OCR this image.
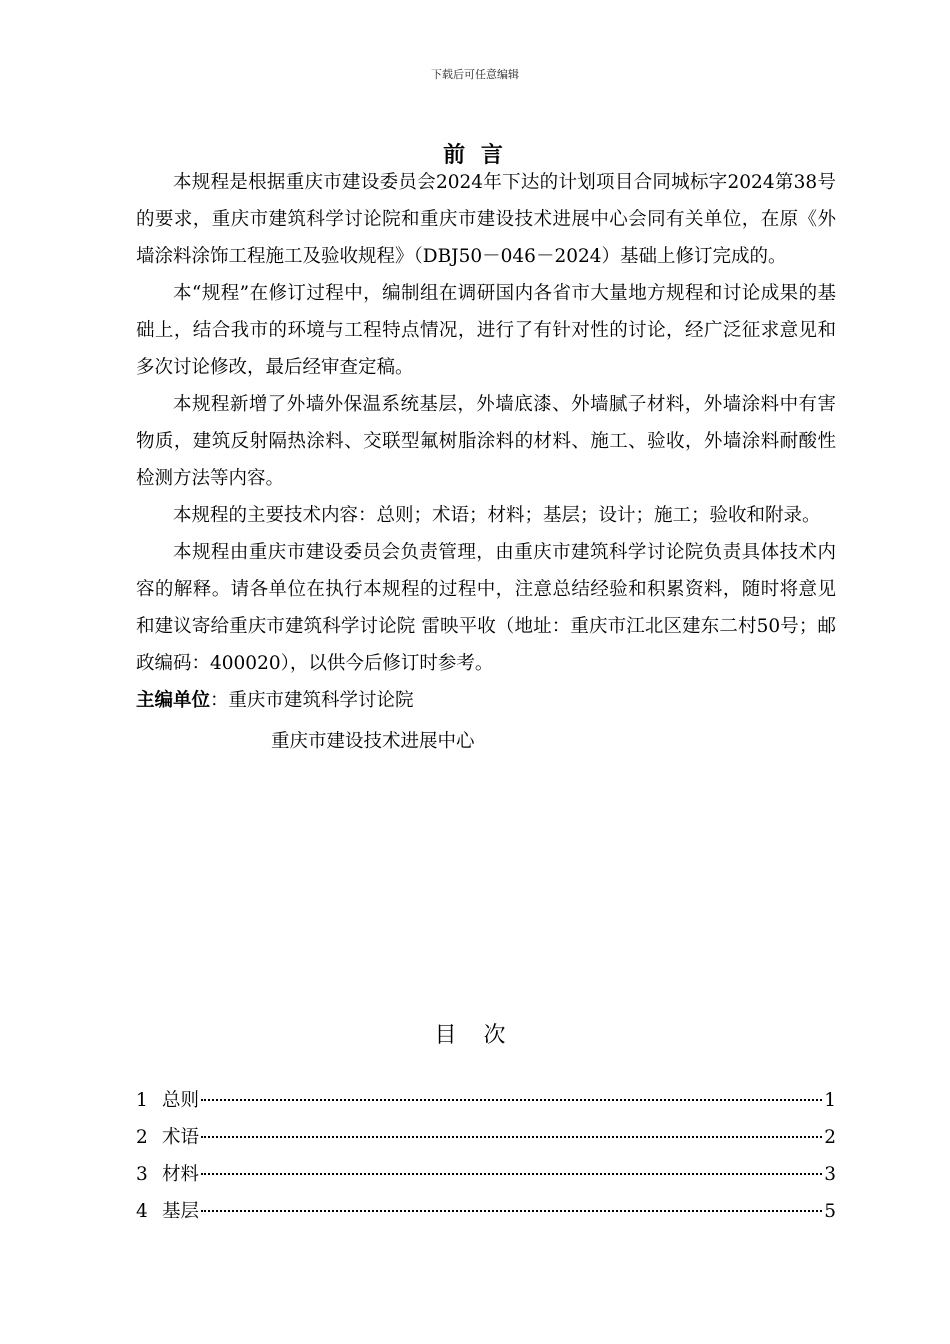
下载后可任意编辑
前 言

本规程是根据重庆市建设委员会2024年下达的计划项目合同城标字2024第38号的要求，重庆市建筑科学讨论院和重庆市建设技术进展中心会同有关单位，在原《外墙涂料涂饰工程施工及验收规程》（DBJ50－046－2024）基础上修订完成的。

本“规程”在修订过程中，编制组在调研国内各省市大量地方规程和讨论成果的基础上，结合我市的环境与工程特点情况，进行了有针对性的讨论，经广泛征求意见和多次讨论修改，最后经审查定稿。

本规程新增了外墙外保温系统基层，外墙底漆、外墙腻子材料，外墙涂料中有害物质，建筑反射隔热涂料、交联型氟树脂涂料的材料、施工、验收，外墙涂料耐酸性检测方法等内容。

本规程的主要技术内容：总则；术语；材料；基层；设计；施工；验收和附录。

本规程由重庆市建设委员会负责管理，由重庆市建筑科学讨论院负责具体技术内容的解释。请各单位在执行本规程的过程中，注意总结经验和积累资料，随时将意见和建议寄给重庆市建筑科学讨论院 雷映平收（地址：重庆市江北区建东二村50号；邮政编码：400020），以供今后修订时参考。

主编单位：重庆市建筑科学讨论院

重庆市建设技术进展中心

目 次
1 总则	1
2 术语	2
3 材料	3
4 基层	5
